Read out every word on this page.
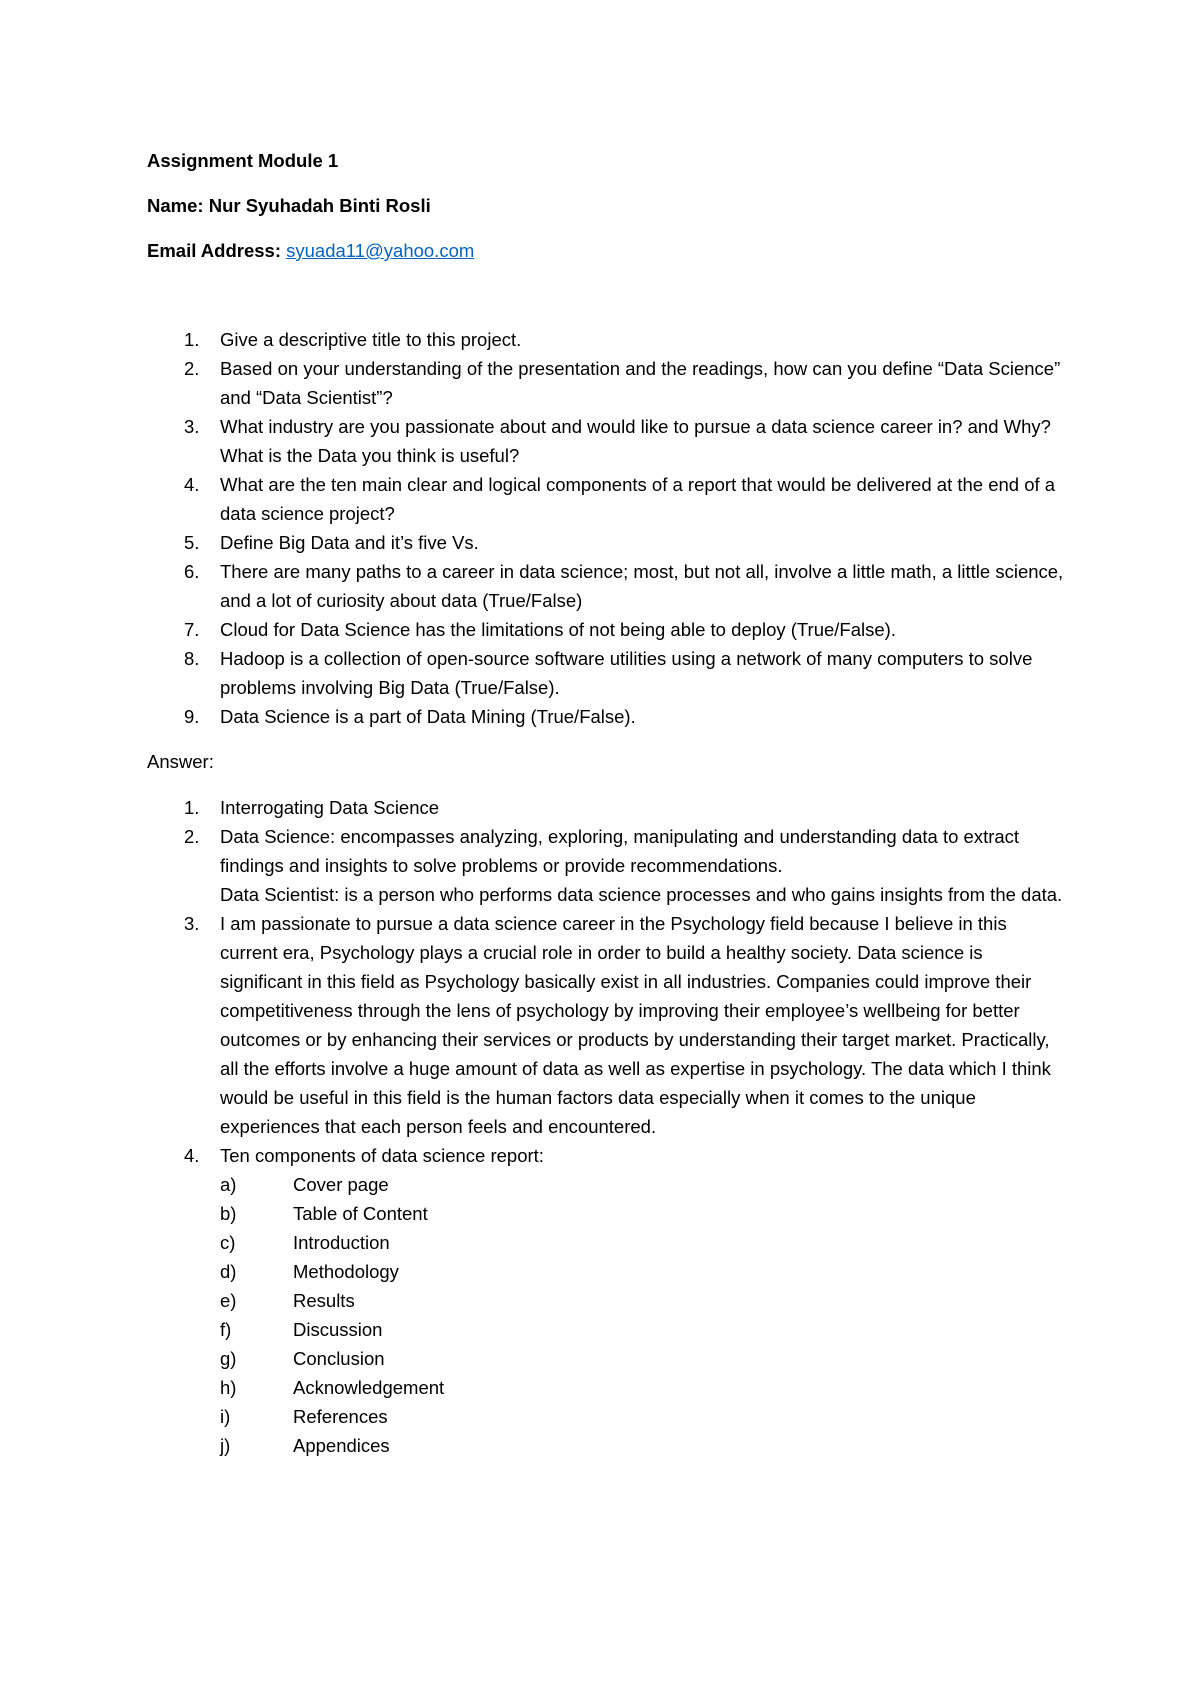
Assignment Module 1
Name: Nur Syuhadah Binti Rosli
Email Address: syuada11@yahoo.com
1.	Give a descriptive title to this project.
2.	Based on your understanding of the presentation and the readings, how can you define “Data Science” and “Data Scientist”?
3.	What industry are you passionate about and would like to pursue a data science career in? and Why? What is the Data you think is useful?
4.	What are the ten main clear and logical components of a report that would be delivered at the end of a data science project?
5.	Define Big Data and it’s five Vs.
6.	There are many paths to a career in data science; most, but not all, involve a little math, a little science, and a lot of curiosity about data (True/False)
7.	Cloud for Data Science has the limitations of not being able to deploy (True/False).
8.	Hadoop is a collection of open-source software utilities using a network of many computers to solve problems involving Big Data (True/False).
9.	Data Science is a part of Data Mining (True/False).
Answer:
1.	Interrogating Data Science
2.	Data Science: encompasses analyzing, exploring, manipulating and understanding data to extract findings and insights to solve problems or provide recommendations.
Data Scientist: is a person who performs data science processes and who gains insights from the data.
3.	I am passionate to pursue a data science career in the Psychology field because I believe in this current era, Psychology plays a crucial role in order to build a healthy society. Data science is significant in this field as Psychology basically exist in all industries. Companies could improve their competitiveness through the lens of psychology by improving their employee’s wellbeing for better outcomes or by enhancing their services or products by understanding their target market. Practically, all the efforts involve a huge amount of data as well as expertise in psychology. The data which I think would be useful in this field is the human factors data especially when it comes to the unique experiences that each person feels and encountered.
4.	Ten components of data science report:
a)	Cover page
b)	Table of Content
c)	Introduction
d)	Methodology
e)	Results
f)	Discussion
g)	Conclusion
h)	Acknowledgement
i)	References
j)	Appendices
